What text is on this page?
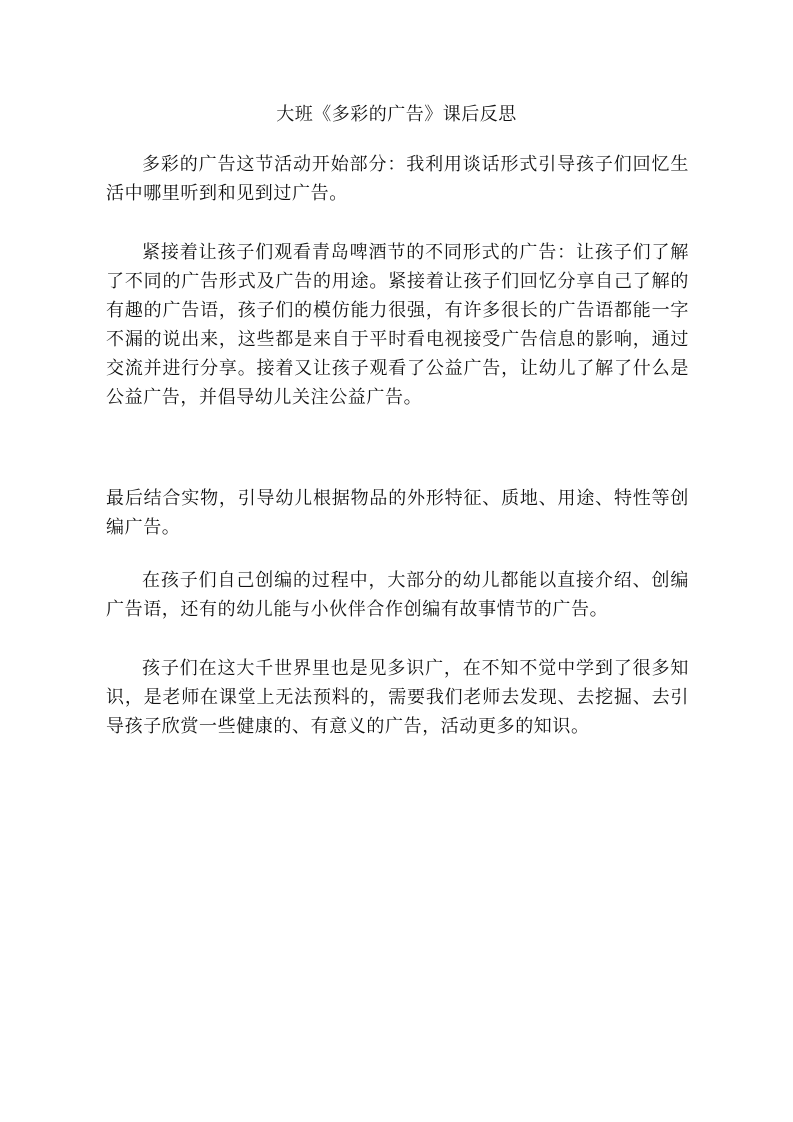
大班《多彩的广告》课后反思

多彩的广告这节活动开始部分：我利用谈话形式引导孩子们回忆生活中哪里听到和见到过广告。

紧接着让孩子们观看青岛啤酒节的不同形式的广告：让孩子们了解了不同的广告形式及广告的用途。紧接着让孩子们回忆分享自己了解的有趣的广告语，孩子们的模仿能力很强，有许多很长的广告语都能一字不漏的说出来，这些都是来自于平时看电视接受广告信息的影响，通过交流并进行分享。接着又让孩子观看了公益广告，让幼儿了解了什么是公益广告，并倡导幼儿关注公益广告。

最后结合实物，引导幼儿根据物品的外形特征、质地、用途、特性等创编广告。

在孩子们自己创编的过程中，大部分的幼儿都能以直接介绍、创编广告语，还有的幼儿能与小伙伴合作创编有故事情节的广告。

孩子们在这大千世界里也是见多识广，在不知不觉中学到了很多知识，是老师在课堂上无法预料的，需要我们老师去发现、去挖掘、去引导孩子欣赏一些健康的、有意义的广告，活动更多的知识。
